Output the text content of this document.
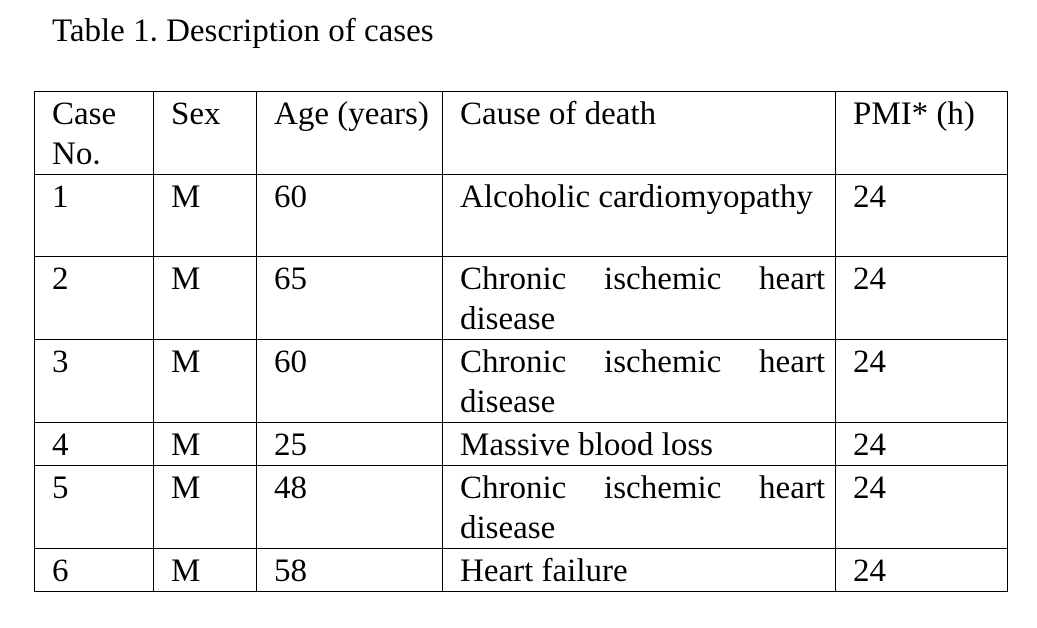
Table 1. Description of cases
Case No.	Sex	Age (years)	Cause of death	PMI* (h)
1	M	60	Alcoholic cardiomyopathy	24
2	M	65	Chronic ischemic heart disease	24
3	M	60	Chronic ischemic heart disease	24
4	M	25	Massive blood loss	24
5	M	48	Chronic ischemic heart disease	24
6	M	58	Heart failure	24
